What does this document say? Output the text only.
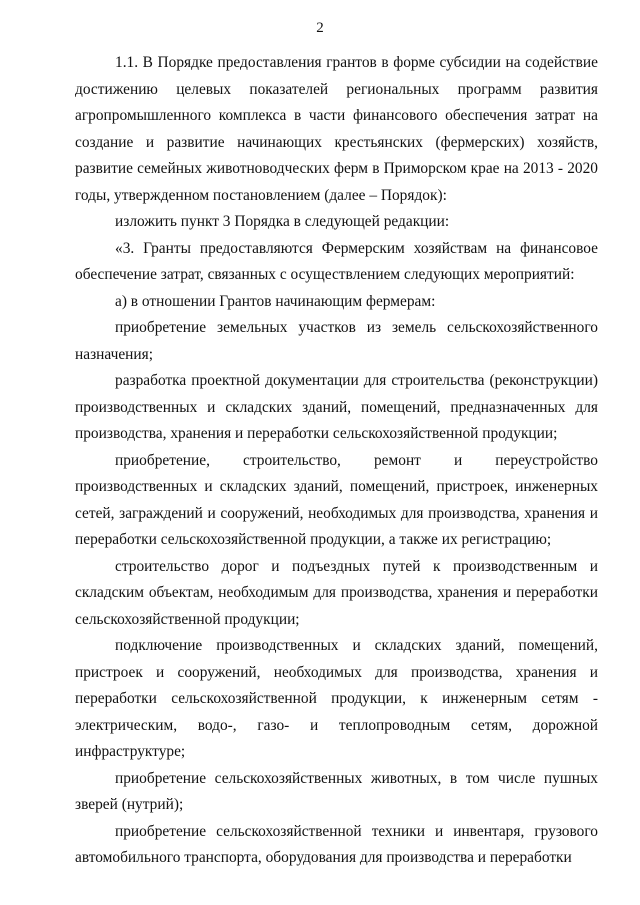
2

1.1. В Порядке предоставления грантов в форме субсидии на содействие достижению целевых показателей региональных программ развития агропромышленного комплекса в части финансового обеспечения затрат на создание и развитие начинающих крестьянских (фермерских) хозяйств, развитие семейных животноводческих ферм в Приморском крае на 2013 - 2020 годы, утвержденном постановлением (далее – Порядок):

изложить пункт 3 Порядка в следующей редакции:

«3. Гранты предоставляются Фермерским хозяйствам на финансовое обеспечение затрат, связанных с осуществлением следующих мероприятий:

а) в отношении Грантов начинающим фермерам:

приобретение земельных участков из земель сельскохозяйственного назначения;

разработка проектной документации для строительства (реконструкции) производственных и складских зданий, помещений, предназначенных для производства, хранения и переработки сельскохозяйственной продукции;

приобретение, строительство, ремонт и переустройство производственных и складских зданий, помещений, пристроек, инженерных сетей, заграждений и сооружений, необходимых для производства, хранения и переработки сельскохозяйственной продукции, а также их регистрацию;

строительство дорог и подъездных путей к производственным и складским объектам, необходимым для производства, хранения и переработки сельскохозяйственной продукции;

подключение производственных и складских зданий, помещений, пристроек и сооружений, необходимых для производства, хранения и переработки сельскохозяйственной продукции, к инженерным сетям - электрическим, водо-, газо- и теплопроводным сетям, дорожной инфраструктуре;

приобретение сельскохозяйственных животных, в том числе пушных зверей (нутрий);

приобретение сельскохозяйственной техники и инвентаря, грузового автомобильного транспорта, оборудования для производства и переработки
